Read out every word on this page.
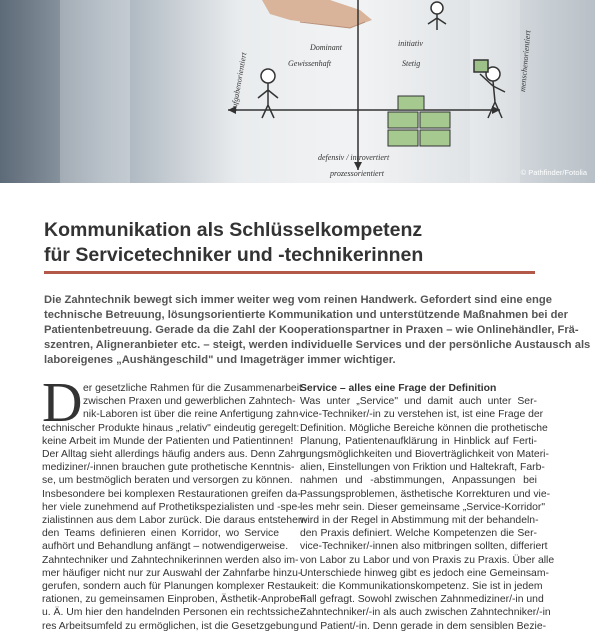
Dominant	initiativ
Gewissenhaft	Stetig
aufgabenorientiert	menschenorientiert
defensiv / introvertiert
prozessorientiert	© Pathfinder/Fotolia
Kommunikation als Schlüsselkompetenz
für Servicetechniker und -technikerinnen
Die Zahntechnik bewegt sich immer weiter weg vom reinen Handwerk. Gefordert sind eine enge
technische Betreuung, lösungsorientierte Kommunikation und unterstützende Maßnahmen bei der
Patientenbetreuung. Gerade da die Zahl der Kooperationspartner in Praxen – wie Onlinehändler, Frä-
szentren, Aligneranbieter etc. – steigt, werden individuelle Services und der persönliche Austausch als
laboreigenes „Aushängeschild" und Imageträger immer wichtiger.
D er gesetzliche Rahmen für die Zusammenarbeit
zwischen Praxen und gewerblichen Zahntech-
nik-Laboren ist über die reine Anfertigung zahn-
technischer Produkte hinaus „relativ" eindeutig geregelt:
keine Arbeit im Munde der Patienten und Patientinnen!
Der Alltag sieht allerdings häufig anders aus. Denn Zahn-
mediziner/-innen brauchen gute prothetische Kenntnis-
se, um bestmöglich beraten und versorgen zu können.
Insbesondere bei komplexen Restaurationen greifen da-
her viele zunehmend auf Prothetikspezialisten und -spe-
zialistinnen aus dem Labor zurück. Die daraus entstehen-
den Teams definieren einen Korridor, wo Service
aufhört und Behandlung anfängt – notwendigerweise.
Zahntechniker und Zahntechnikerinnen werden also im-
mer häufiger nicht nur zur Auswahl der Zahnfarbe hinzu-
gerufen, sondern auch für Planungen komplexer Restau-
rationen, zu gemeinsamen Einproben, Ästhetik-Anproben
u. Ä. Um hier den handelnden Personen ein rechtssiche-
res Arbeitsumfeld zu ermöglichen, ist die Gesetzgebung
Service – alles eine Frage der Definition
Was unter „Service" und damit auch unter Ser-
vice-Techniker/-in zu verstehen ist, ist eine Frage der
Definition. Mögliche Bereiche können die prothetische
Planung, Patientenaufklärung in Hinblick auf Ferti-
gungsmöglichkeiten und Bioverträglichkeit von Materi-
alien, Einstellungen von Friktion und Haltekraft, Farb-
nahmen und -abstimmungen, Anpassungen bei
Passungsproblemen, ästhetische Korrekturen und vie-
les mehr sein. Dieser gemeinsame „Service-Korridor"
wird in der Regel in Abstimmung mit der behandeln-
den Praxis definiert. Welche Kompetenzen die Ser-
vice-Techniker/-innen also mitbringen sollten, differiert
von Labor zu Labor und von Praxis zu Praxis. Über alle
Unterschiede hinweg gibt es jedoch eine Gemeinsam-
keit: die Kommunikationskompetenz. Sie ist in jedem
Fall gefragt. Sowohl zwischen Zahnmediziner/-in und
Zahntechniker/-in als auch zwischen Zahntechniker/-in
und Patient/-in. Denn gerade in dem sensiblen Bezie-
